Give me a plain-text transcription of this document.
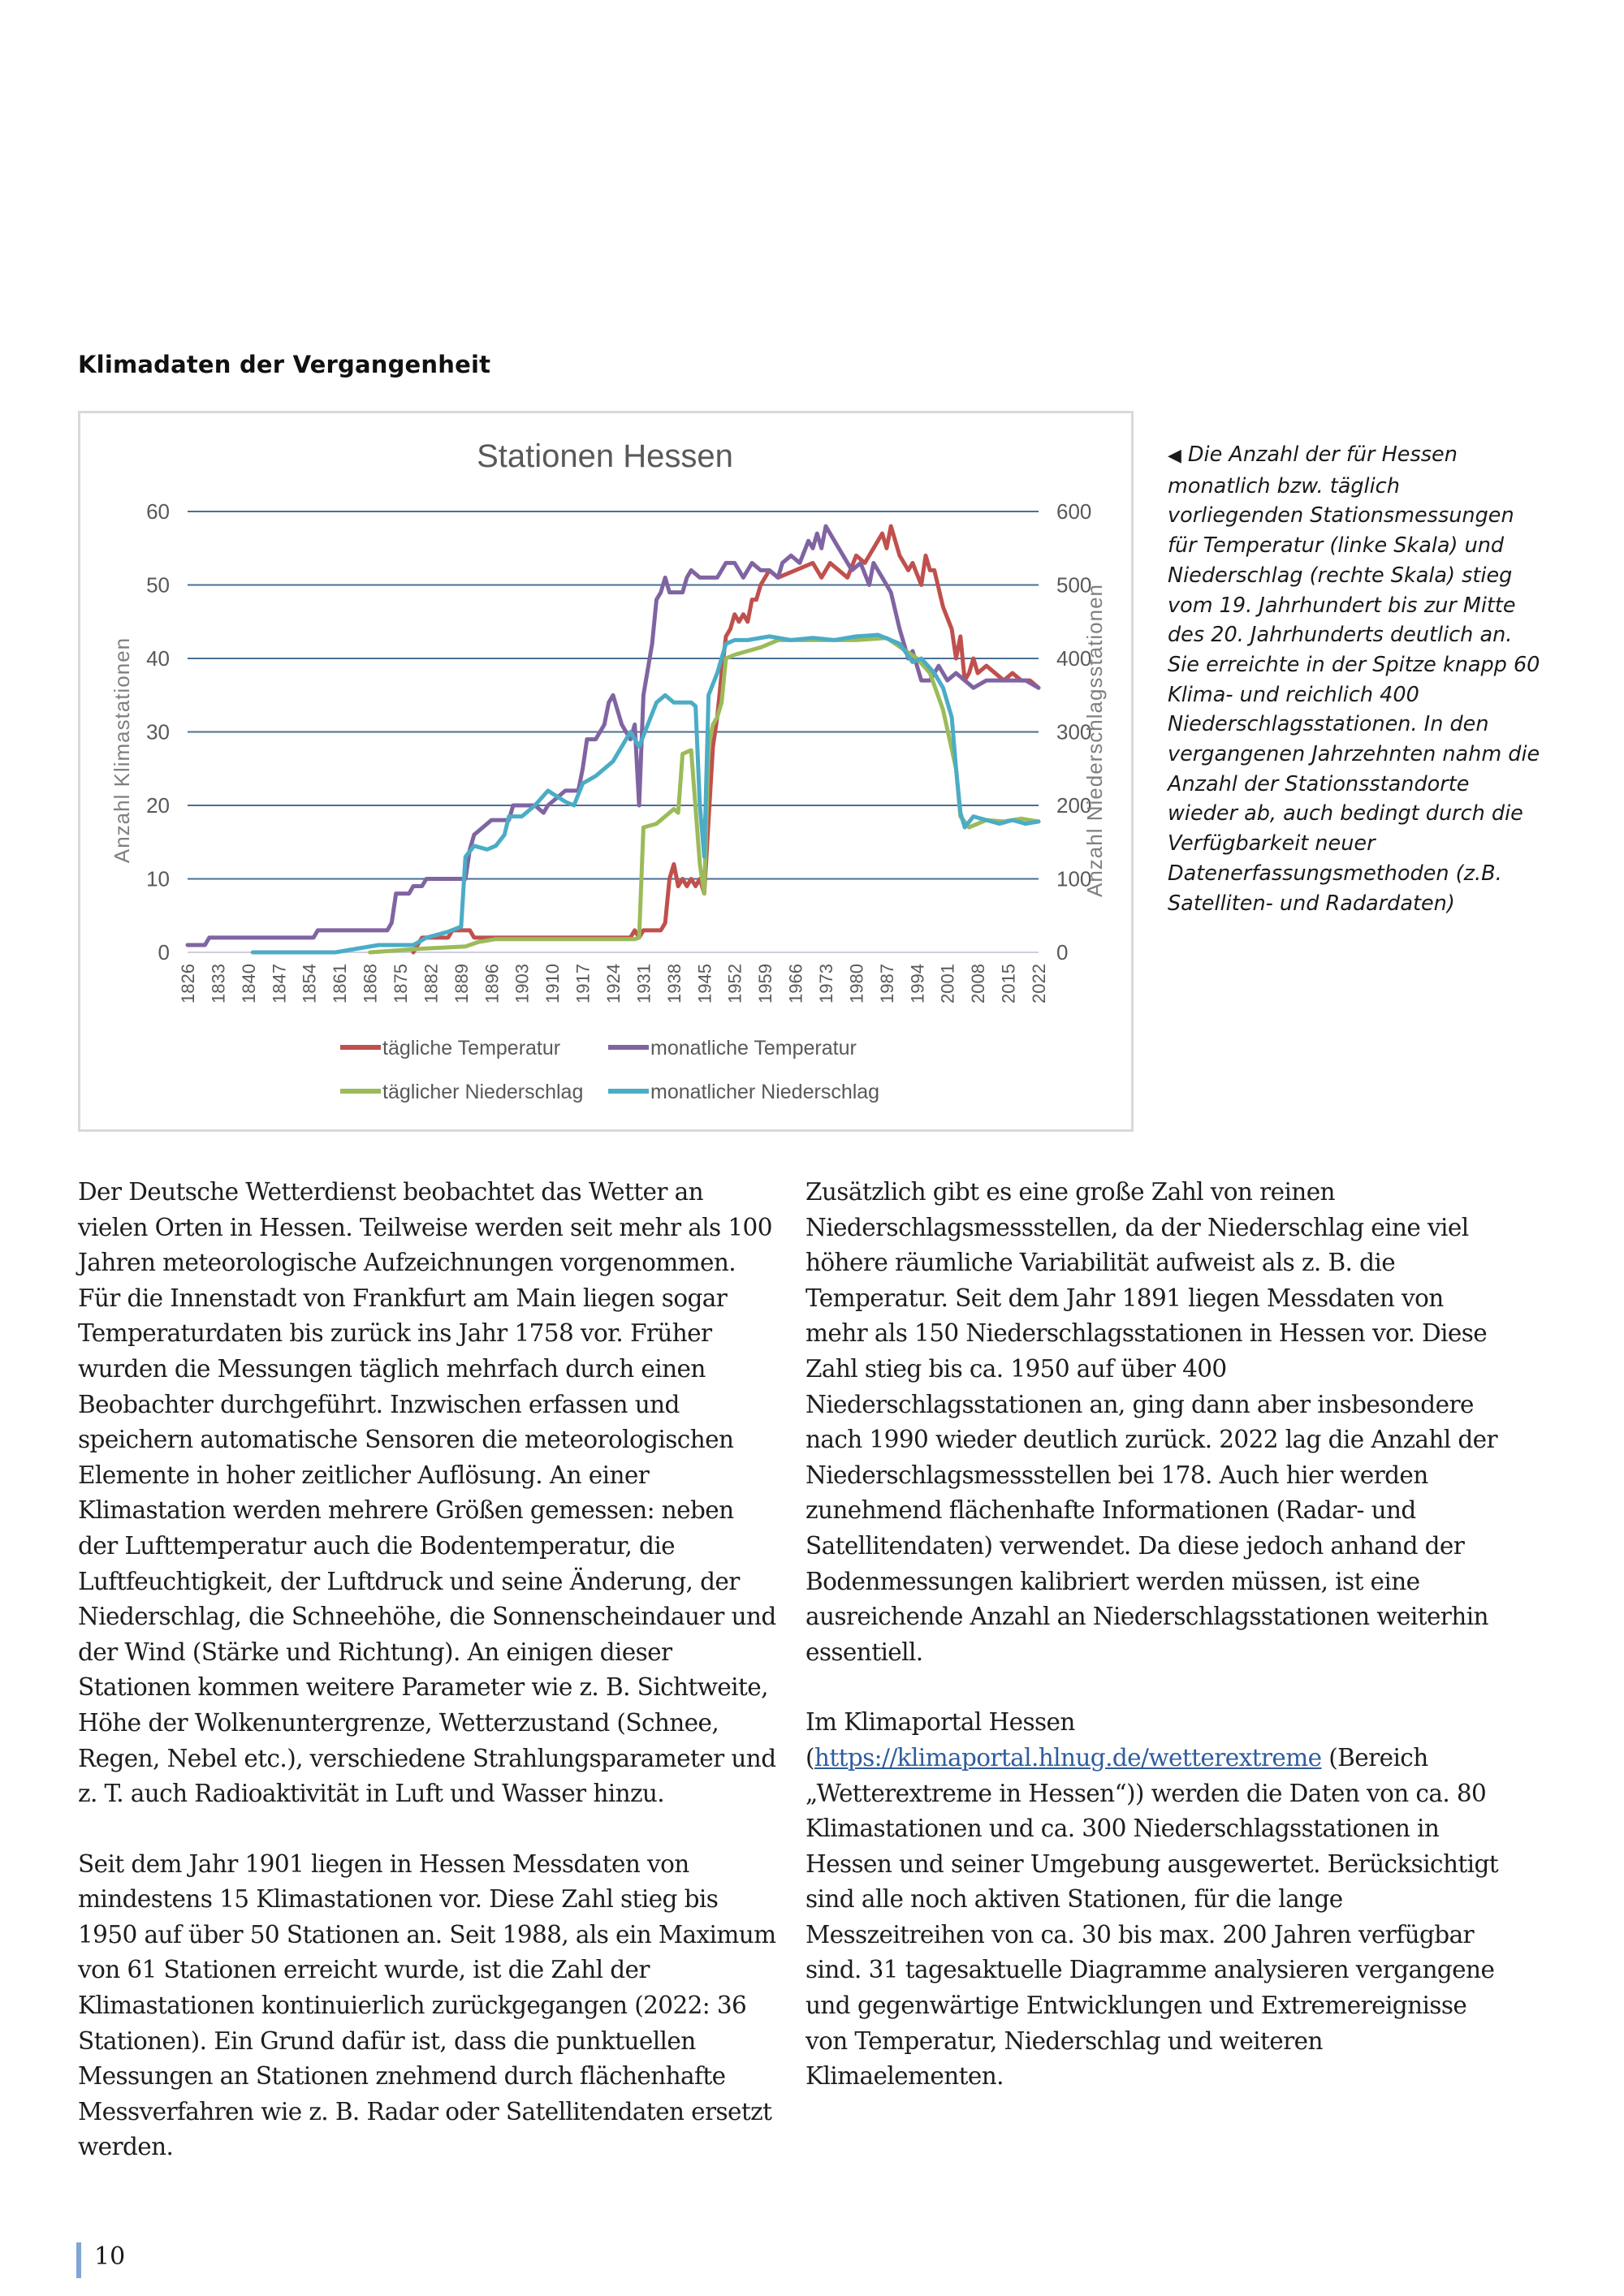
Klimadaten der Vergangenheit
Stationen Hessen
0
10
20
30
40
50
60
0
100
200
300
400
500
600
1826 1833 1840 1847 1854 1861 1868 1875 1882 1889 1896 1903 1910 1917 1924 1931 1938 1945 1952 1959 1966 1973 1980 1987 1994 2001 2008 2015 2022
Anzahl Klimastationen	Anzahl Niederschlagsstationen
tägliche Temperatur	monatliche Temperatur
täglicher Niederschlag	monatlicher Niederschlag
◀ Die Anzahl der für Hessen monatlich bzw. täglich vorliegenden Stationsmessungen für Temperatur (linke Skala) und Niederschlag (rechte Skala) stieg vom 19. Jahrhundert bis zur Mitte des 20. Jahrhunderts deutlich an. Sie erreichte in der Spitze knapp 60 Klima- und reichlich 400 Niederschlagsstationen. In den vergangenen Jahrzehnten nahm die Anzahl der Stationsstandorte wieder ab, auch bedingt durch die Verfügbarkeit neuer Datenerfassungsmethoden (z.B. Satelliten- und Radardaten)

Der Deutsche Wetterdienst beobachtet das Wetter an vielen Orten in Hessen. Teilweise werden seit mehr als 100 Jahren meteorologische Aufzeichnungen vorgenommen. Für die Innenstadt von Frankfurt am Main liegen sogar Temperaturdaten bis zurück ins Jahr 1758 vor. Früher wurden die Messungen täglich mehrfach durch einen Beobachter durchgeführt. Inzwischen erfassen und speichern automatische Sensoren die meteorologischen Elemente in hoher zeitlicher Auflösung. An einer Klimastation werden mehrere Größen gemessen: neben der Lufttemperatur auch die Bodentemperatur, die Luftfeuchtigkeit, der Luftdruck und seine Änderung, der Niederschlag, die Schneehöhe, die Sonnenscheindauer und der Wind (Stärke und Richtung). An einigen dieser Stationen kommen weitere Parameter wie z. B. Sichtweite, Höhe der Wolkenuntergrenze, Wetterzustand (Schnee, Regen, Nebel etc.), verschiedene Strahlungsparameter und z. T. auch Radioaktivität in Luft und Wasser hinzu.

Seit dem Jahr 1901 liegen in Hessen Messdaten von mindestens 15 Klimastationen vor. Diese Zahl stieg bis 1950 auf über 50 Stationen an. Seit 1988, als ein Maximum von 61 Stationen erreicht wurde, ist die Zahl der Klimastationen kontinuierlich zurückgegangen (2022: 36 Stationen). Ein Grund dafür ist, dass die punktuellen Messungen an Stationen znehmend durch flächenhafte Messverfahren wie z. B. Radar oder Satellitendaten ersetzt werden.

Zusätzlich gibt es eine große Zahl von reinen Niederschlagsmessstellen, da der Niederschlag eine viel höhere räumliche Variabilität aufweist als z. B. die Temperatur. Seit dem Jahr 1891 liegen Messdaten von mehr als 150 Niederschlagsstationen in Hessen vor. Diese Zahl stieg bis ca. 1950 auf über 400 Niederschlagsstationen an, ging dann aber insbesondere nach 1990 wieder deutlich zurück. 2022 lag die Anzahl der Niederschlagsmessstellen bei 178. Auch hier werden zunehmend flächenhafte Informationen (Radar- und Satellitendaten) verwendet. Da diese jedoch anhand der Bodenmessungen kalibriert werden müssen, ist eine ausreichende Anzahl an Niederschlagsstationen weiterhin essentiell.

Im Klimaportal Hessen (https://klimaportal.hlnug.de/wetterextreme (Bereich „Wetterextreme in Hessen“)) werden die Daten von ca. 80 Klimastationen und ca. 300 Niederschlagsstationen in Hessen und seiner Umgebung ausgewertet. Berücksichtigt sind alle noch aktiven Stationen, für die lange Messzeitreihen von ca. 30 bis max. 200 Jahren verfügbar sind. 31 tagesaktuelle Diagramme analysieren vergangene und gegenwärtige Entwicklungen und Extremereignisse von Temperatur, Niederschlag und weiteren Klimaelementen.

10
